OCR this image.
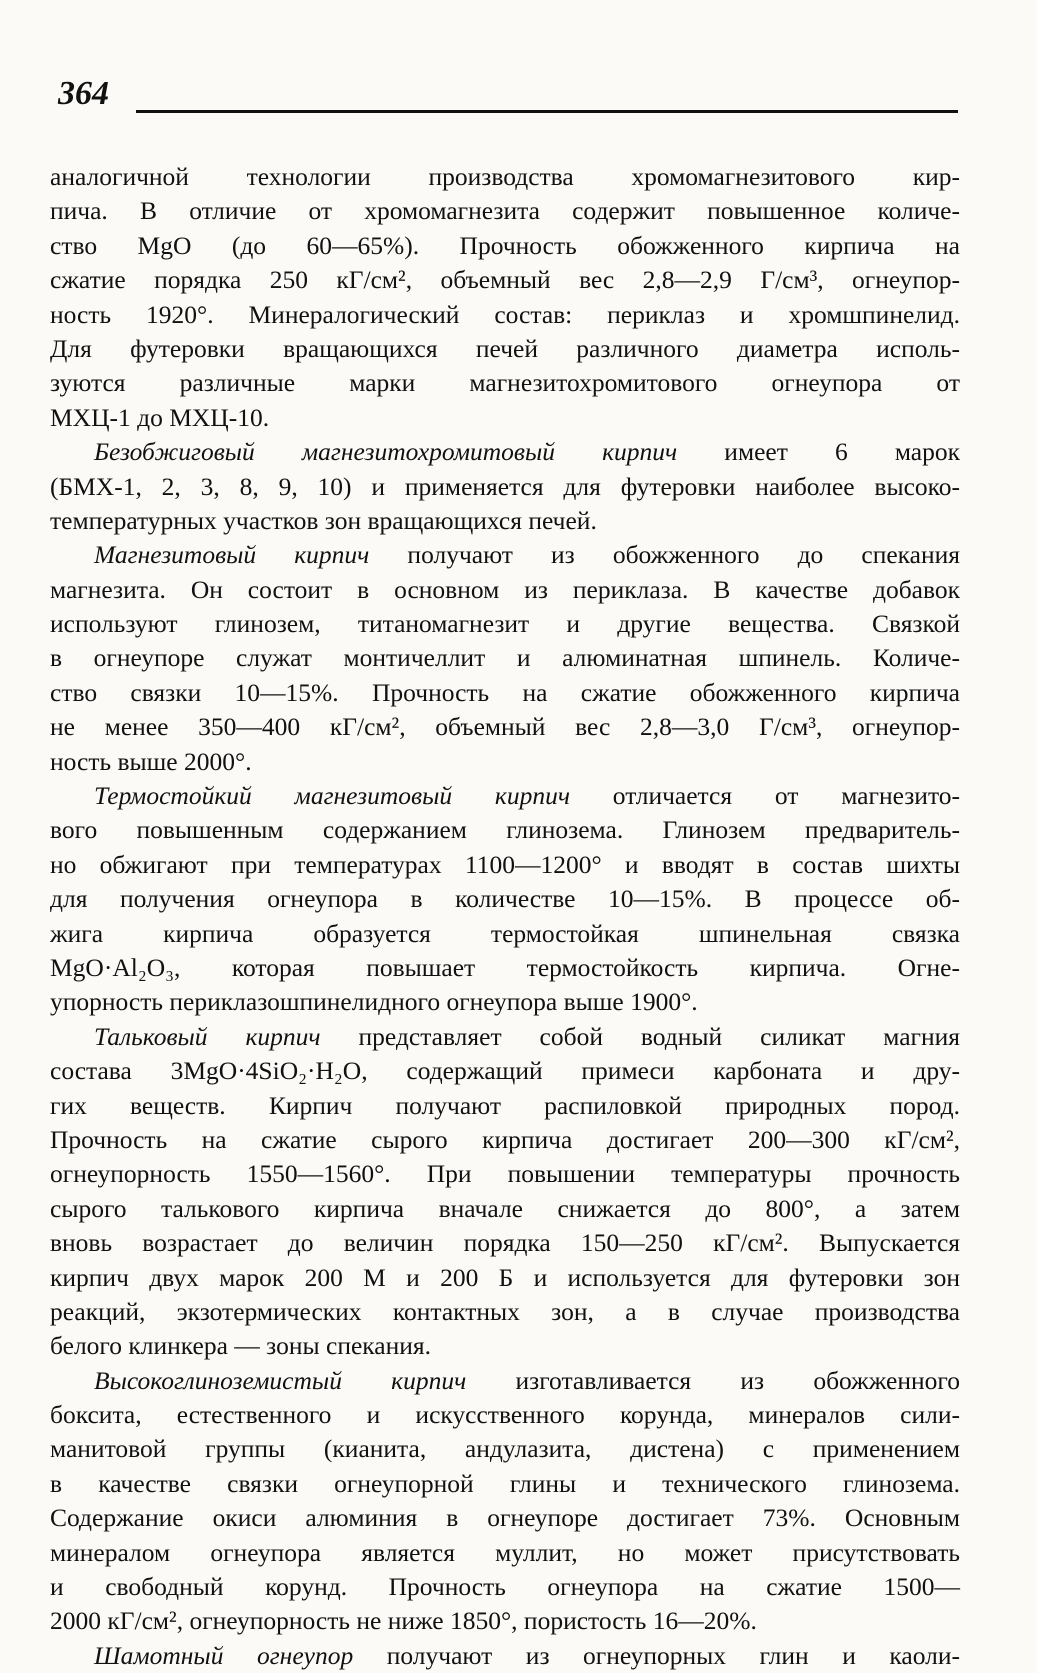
364
аналогичной технологии производства хромомагнезитового кир-
пича. В отличие от хромомагнезита содержит повышенное количе-
ство MgO (до 60—65%). Прочность обожженного кирпича на
сжатие порядка 250 кГ/см², объемный вес 2,8—2,9 Г/см³, огнеупор-
ность 1920°. Минералогический состав: периклаз и хромшпинелид.
Для футеровки вращающихся печей различного диаметра исполь-
зуются различные марки магнезитохромитового огнеупора от
МХЦ-1 до МХЦ-10.
Безобжиговый магнезитохромитовый кирпич имеет 6 марок
(БМХ-1, 2, 3, 8, 9, 10) и применяется для футеровки наиболее высоко-
температурных участков зон вращающихся печей.
Магнезитовый кирпич получают из обожженного до спекания
магнезита. Он состоит в основном из периклаза. В качестве добавок
используют глинозем, титаномагнезит и другие вещества. Связкой
в огнеупоре служат монтичеллит и алюминатная шпинель. Количе-
ство связки 10—15%. Прочность на сжатие обожженного кирпича
не менее 350—400 кГ/см², объемный вес 2,8—3,0 Г/см³, огнеупор-
ность выше 2000°.
Термостойкий магнезитовый кирпич отличается от магнезито-
вого повышенным содержанием глинозема. Глинозем предваритель-
но обжигают при температурах 1100—1200° и вводят в состав шихты
для получения огнеупора в количестве 10—15%. В процессе об-
жига кирпича образуется термостойкая шпинельная связка
MgO·Al₂O₃, которая повышает термостойкость кирпича. Огне-
упорность периклазошпинелидного огнеупора выше 1900°.
Тальковый кирпич представляет собой водный силикат магния
состава 3MgO·4SiO₂·H₂O, содержащий примеси карбоната и дру-
гих веществ. Кирпич получают распиловкой природных пород.
Прочность на сжатие сырого кирпича достигает 200—300 кГ/см²,
огнеупорность 1550—1560°. При повышении температуры прочность
сырого талькового кирпича вначале снижается до 800°, а затем
вновь возрастает до величин порядка 150—250 кГ/см². Выпускается
кирпич двух марок 200 М и 200 Б и используется для футеровки зон
реакций, экзотермических контактных зон, а в случае производства
белого клинкера — зоны спекания.
Высокоглиноземистый кирпич изготавливается из обожженного
боксита, естественного и искусственного корунда, минералов сили-
манитовой группы (кианита, андулазита, дистена) с применением
в качестве связки огнеупорной глины и технического глинозема.
Содержание окиси алюминия в огнеупоре достигает 73%. Основным
минералом огнеупора является муллит, но может присутствовать
и свободный корунд. Прочность огнеупора на сжатие 1500—
2000 кГ/см², огнеупорность не ниже 1850°, пористость 16—20%.
Шамотный огнеупор получают из огнеупорных глин и каоли-
